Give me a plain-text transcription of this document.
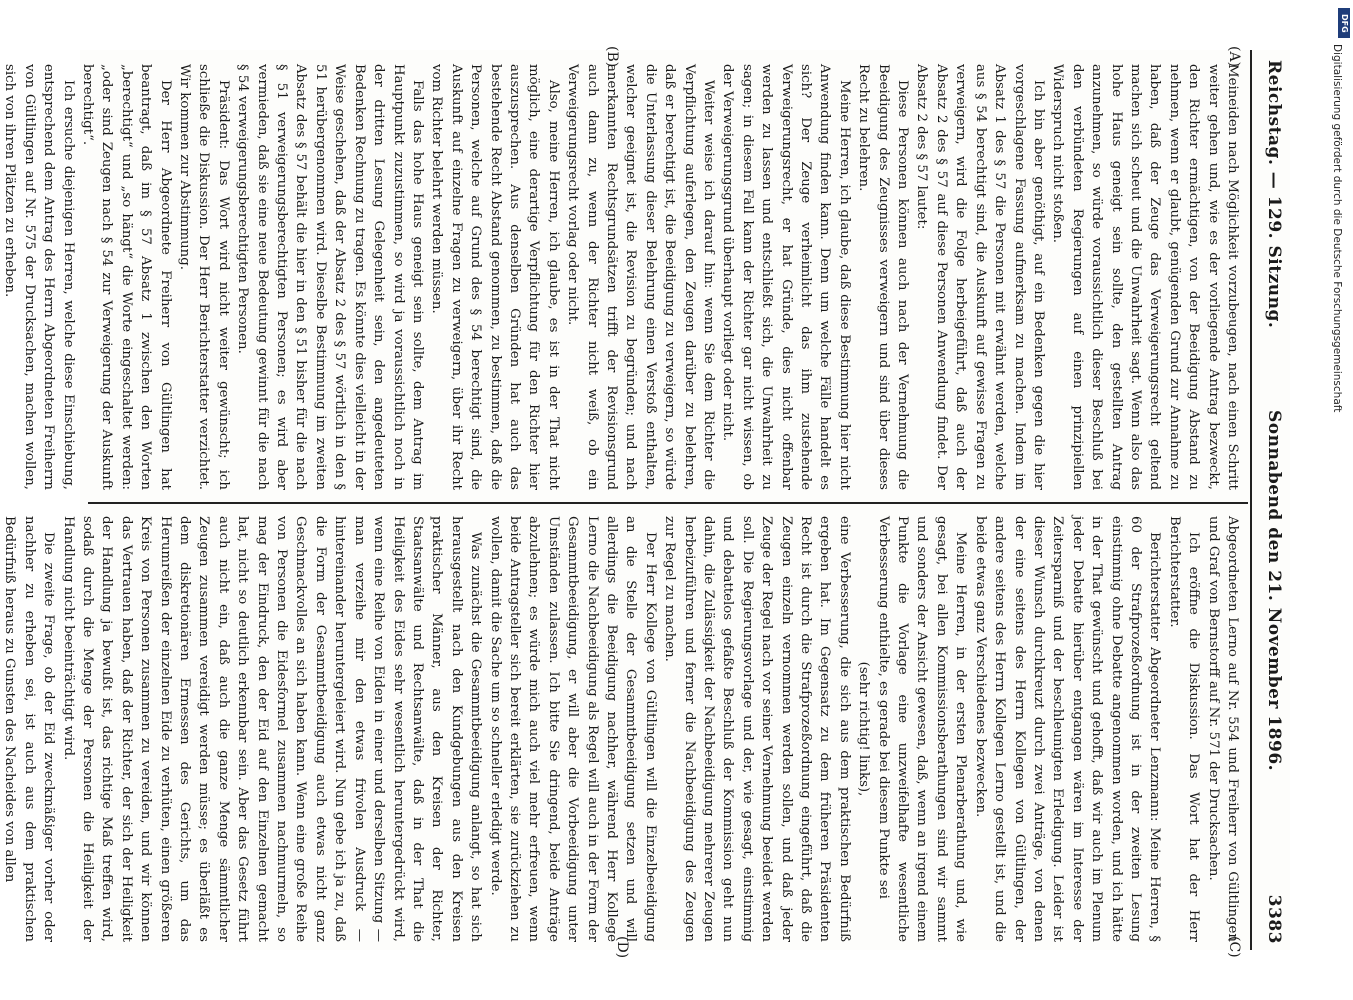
Reichstag. — 129. Sitzung.
Sonnabend den 21. November 1896.
3383
(A)
(B)
(C)
(D)

Meineiden nach Möglichkeit vorzubeugen, nach einen Schritt weiter gehen und, wie es der vorliegende Antrag bezweckt, den Richter ermächtigen, von der Beeidigung Abstand zu nehmen, wenn er glaubt, genügenden Grund zur Annahme zu haben, daß der Zeuge das Verweigerungsrecht geltend machen sich scheut und die Unwahrheit sagt. Wenn also das hohe Haus geneigt sein sollte, den gestellten Antrag anzunehmen, so würde voraussichtlich dieser Beschluß bei den verbündeten Regierungen auf einen prinzipiellen Widerspruch nicht stoßen.

Ich bin aber genöthigt, auf ein Bedenken gegen die hier vorgeschlagene Fassung aufmerksam zu machen. Indem im Absatz 1 des § 57 die Personen mit erwähnt werden, welche aus § 54 berechtigt sind, die Auskunft auf gewisse Fragen zu verweigern, wird die Folge herbeigeführt, daß auch der Absatz 2 des § 57 auf diese Personen Anwendung findet. Der Absatz 2 des § 57 lautet:

Diese Personen können auch nach der Vernehmung die Beeidigung des Zeugnisses verweigern und sind über dieses Recht zu belehren.

Meine Herren, ich glaube, daß diese Bestimmung hier nicht Anwendung finden kann. Denn um welche Fälle handelt es sich? Der Zeuge verheimlicht das ihm zustehende Verweigerungsrecht, er hat Gründe, dies nicht offenbar werden zu lassen und entschließt sich, die Unwahrheit zu sagen; in diesem Fall kann der Richter gar nicht wissen, ob der Verweigerungsgrund überhaupt vorliegt oder nicht.

Weiter weise ich darauf hin: wenn Sie dem Richter die Verpflichtung auferlegen, den Zeugen darüber zu belehren, daß er berechtigt ist, die Beeidigung zu verweigern, so würde die Unterlassung dieser Belehrung einen Verstoß enthalten, welcher geeignet ist, die Revision zu begründen; und nach anerkannten Rechtsgrundsätzen trifft der Revisionsgrund auch dann zu, wenn der Richter nicht weiß, ob ein Verweigerungsrecht vorlag oder nicht.

Also, meine Herren, ich glaube, es ist in der That nicht möglich, eine derartige Verpflichtung für den Richter hier auszusprechen. Aus denselben Gründen hat auch das bestehende Recht Abstand genommen, zu bestimmen, daß die Personen, welche auf Grund des § 54 berechtigt sind, die Auskunft auf einzelne Fragen zu verweigern, über ihr Recht vom Richter belehrt werden müssen.

Falls das hohe Haus geneigt sein sollte, dem Antrag im Hauptpunkt zuzustimmen, so wird ja voraussichtlich noch in der dritten Lesung Gelegenheit sein, den angedeuteten Bedenken Rechnung zu tragen. Es könnte dies vielleicht in der Weise geschehen, daß der Absatz 2 des § 57 wörtlich in den § 51 herübergenommen wird. Dieselbe Bestimmung im zweiten Absatz des § 57 behält die hier in den § 51 bisher für die nach § 51 verweigerungsberechtigten Personen; es wird aber vermieden, daß sie eine neue Bedeutung gewinnt für die nach § 54 verweigerungsberechtigten Personen.

Präsident: Das Wort wird nicht weiter gewünscht; ich schließe die Diskussion. Der Herr Berichterstatter verzichtet. Wir kommen zur Abstimmung.

Der Herr Abgeordnete Freiherr von Gültlingen hat beantragt, daß im § 57 Absatz 1 zwischen den Worten „berechtigt“ und „so hängt“ die Worte eingeschaltet werden: „oder sind Zeugen nach § 54 zur Verweigerung der Auskunft berechtigt“.

Ich ersuche diejenigen Herren, welche diese Einschiebung, entsprechend dem Antrag des Herrn Abgeordneten Freiherrn von Gültlingen auf Nr. 575 der Drucksachen, machen wollen, sich von ihren Plätzen zu erheben.

Abgeordneten Lerno auf Nr. 554 und Freiherr von Gültlingen und Graf von Bernstorff auf Nr. 571 der Drucksachen.

Ich eröffne die Diskussion. Das Wort hat der Herr Berichterstatter.

Berichterstatter Abgeordneter Lenzmann: Meine Herren, § 60 der Strafprozeßordnung ist in der zweiten Lesung einstimmig ohne Debatte angenommen worden, und ich hätte in der That gewünscht und gehofft, daß wir auch im Plenum jeder Debatte hierüber entgangen wären im Interesse der Zeitersparniß und der beschleunigten Erledigung. Leider ist dieser Wunsch durchkreuzt durch zwei Anträge, von denen der eine seitens des Herrn Kollegen von Gültlingen, der andere seitens des Herrn Kollegen Lerno gestellt ist, und die beide etwas ganz Verschiedenes bezwecken.

Meine Herren, in der ersten Plenarberathung und, wie gesagt, bei allen Kommissionsberathungen sind wir sammt und sonders der Ansicht gewesen, daß, wenn an irgend einem Punkte die Vorlage eine unzweifelhafte wesentliche Verbesserung enthielte, es gerade bei diesem Punkte sei

(sehr richtig! links),

eine Verbesserung, die sich aus dem praktischen Bedürfniß ergeben hat. Im Gegensatz zu dem früheren Präsidenten Recht ist durch die Strafprozeßordnung eingeführt, daß die Zeugen einzeln vernommen werden sollen, und daß jeder Zeuge der Regel nach vor seiner Vernehmung beeidet werden soll. Die Regierungsvorlage und der, wie gesagt, einstimmig und debattelos gefaßte Beschluß der Kommission geht nun dahin, die Zulässigkeit der Nachbeeidigung mehrerer Zeugen herbeizuführen und ferner die Nachbeeidigung des Zeugen zur Regel zu machen.

Der Herr Kollege von Gültlingen will die Einzelbeeidigung an die Stelle der Gesammtbeeidigung setzen und will allerdings die Beeidigung nachher, während Herr Kollege Lerno die Nachbeeidigung als Regel will auch in der Form der Gesammtbeeidigung, er will aber die Vorbeeidigung unter Umständen zulassen. Ich bitte Sie dringend, beide Anträge abzulehnen; es würde mich auch viel mehr erfreuen, wenn beide Antragsteller sich bereit erklärten, sie zurückziehen zu wollen, damit die Sache um so schneller erledigt werde.

Was zunächst die Gesammtbeeidigung anlangt, so hat sich herausgestellt nach den Kundgebungen aus den Kreisen praktischer Männer, aus den Kreisen der Richter, Staatsanwälte und Rechtsanwälte, daß in der That die Heiligkeit des Eides sehr wesentlich heruntergedrückt wird, wenn eine Reihe von Eiden in einer und derselben Sitzung — man verzeihe mir den etwas frivolen Ausdruck — hintereinander heruntergeleiert wird. Nun gebe ich ja zu, daß die Form der Gesammtbeeidigung auch etwas nicht ganz Geschmackvolles an sich haben kann. Wenn eine große Reihe von Personen die Eidesformel zusammen nachmurmeln, so mag der Eindruck, den der Eid auf den Einzelnen gemacht hat, nicht so deutlich erkennbar sein. Aber das Gesetz führt auch nicht ein, daß auch die ganze Menge sämmtlicher Zeugen zusammen vereidigt werden müsse; es überläßt es dem diskretionären Ermessen des Gerichts, um das Herumreißen der einzelnen Eide zu verhüten, einen größeren Kreis von Personen zusammen zu vereiden, und wir können das Vertrauen haben, daß der Richter, der sich der Heiligkeit der Handlung ja bewußt ist, das richtige Maß treffen wird, sodaß durch die Menge der Personen die Heiligkeit der Handlung nicht beeinträchtigt wird.

Die zweite Frage, ob der Eid zweckmäßiger vorher oder nachher zu erheben sei, ist auch aus dem praktischen Bedürfniß heraus zu Gunsten des Nacheides von allen

DFG
Digitalisierung gefördert durch die Deutsche Forschungsgemeinschaft
